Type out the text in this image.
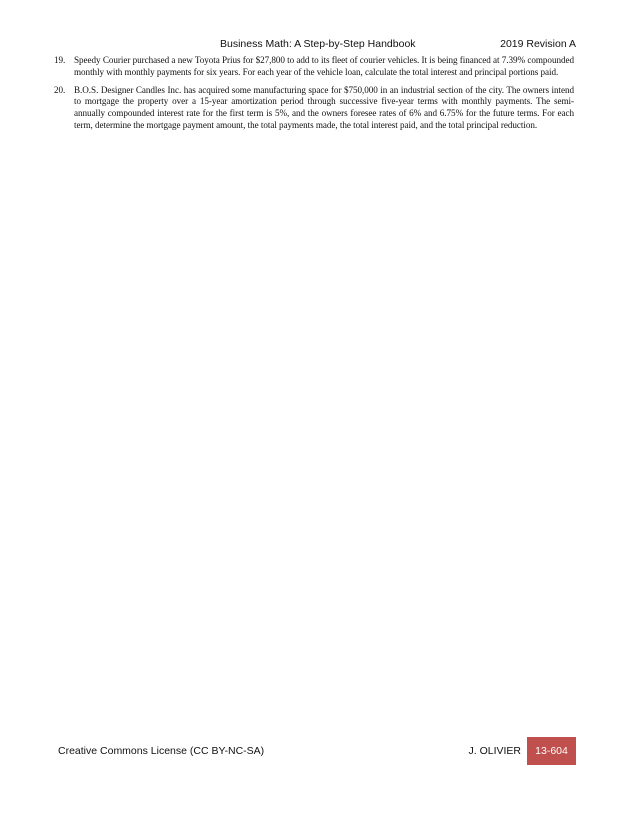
Business Math: A Step-by-Step Handbook	2019 Revision A
19. Speedy Courier purchased a new Toyota Prius for $27,800 to add to its fleet of courier vehicles. It is being financed at 7.39% compounded monthly with monthly payments for six years. For each year of the vehicle loan, calculate the total interest and principal portions paid.
20. B.O.S. Designer Candles Inc. has acquired some manufacturing space for $750,000 in an industrial section of the city. The owners intend to mortgage the property over a 15-year amortization period through successive five-year terms with monthly payments. The semi-annually compounded interest rate for the first term is 5%, and the owners foresee rates of 6% and 6.75% for the future terms. For each term, determine the mortgage payment amount, the total payments made, the total interest paid, and the total principal reduction.
Creative Commons License (CC BY-NC-SA)	J. OLIVIER	13-604
